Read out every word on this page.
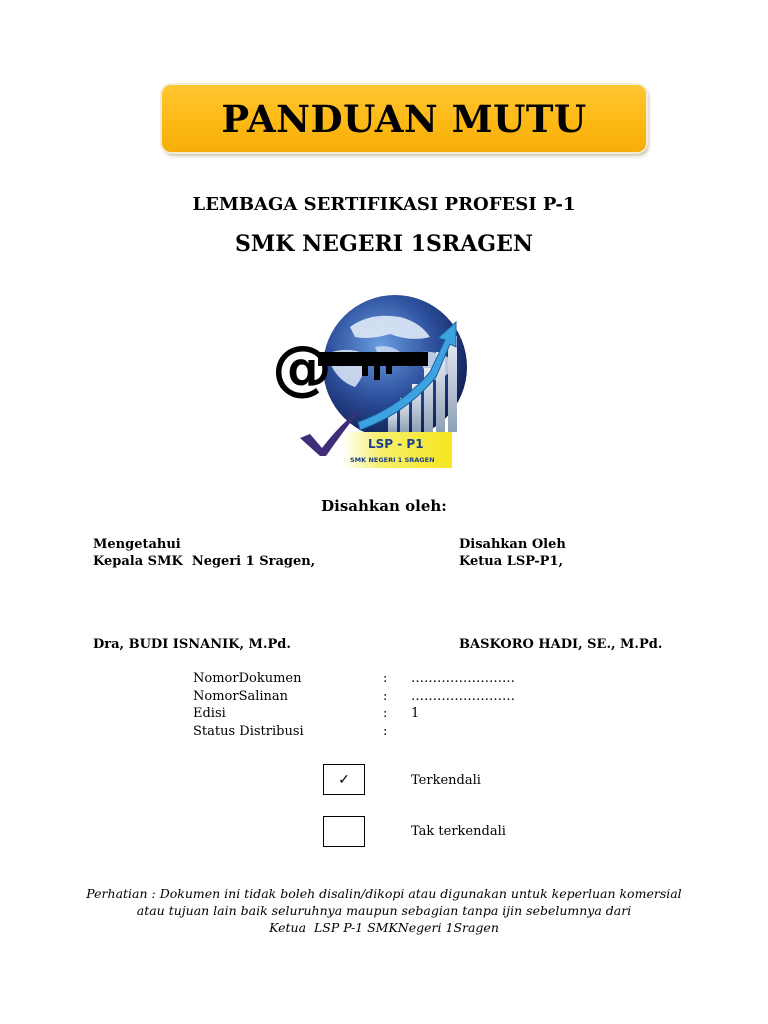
PANDUAN MUTU
LEMBAGA SERTIFIKASI PROFESI P-1
SMK NEGERI 1SRAGEN
@
LSP - P1
SMK NEGERI 1 SRAGEN
Disahkan oleh:
Mengetahui
Kepala SMK  Negeri 1 Sragen,
Disahkan Oleh
Ketua LSP-P1,
Dra, BUDI ISNANIK, M.Pd.	BASKORO HADI, SE., M.Pd.
NomorDokumen	: ……………………
NomorSalinan	: ……………………
Edisi	: 1
Status Distribusi	:
✓	Terkendali
Tak terkendali
Perhatian : Dokumen ini tidak boleh disalin/dikopi atau digunakan untuk keperluan komersial
atau tujuan lain baik seluruhnya maupun sebagian tanpa ijin sebelumnya dari
Ketua  LSP P-1 SMKNegeri 1Sragen
